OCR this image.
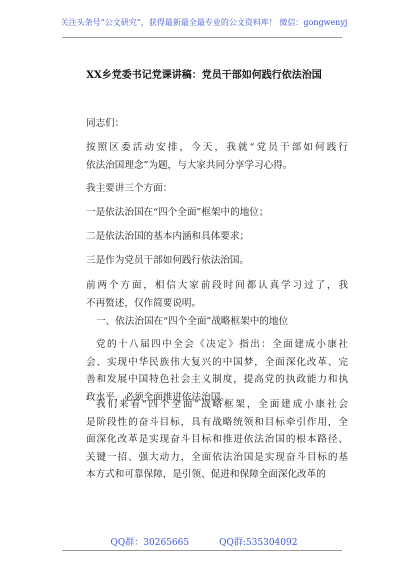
关注头条号“公文研究”，获得最新最全最专业的公文资料库！ 微信：gongwenyj
XX乡党委书记党课讲稿：党员干部如何践行依法治国
同志们：
按照区委活动安排，今天，我就“党员干部如何践行
依法治国理念”为题，与大家共同分享学习心得。
我主要讲三个方面：
一是依法治国在“四个全面”框架中的地位；
二是依法治国的基本内涵和具体要求；
三是作为党员干部如何践行依法治国。
前两个方面，相信大家前段时间都认真学习过了，我
不再赘述，仅作简要说明。
一、依法治国在“四个全面”战略框架中的地位
党的十八届四中全会《决定》指出：全面建成小康社
会、实现中华民族伟大复兴的中国梦，全面深化改革、完
善和发展中国特色社会主义制度，提高党的执政能力和执
政水平，必须全面推进依法治国。
我们来看“四个全面”战略框架，全面建成小康社会
是阶段性的奋斗目标，具有战略统领和目标牵引作用，全
面深化改革是实现奋斗目标和推进依法治国的根本路径、
关键一招、强大动力，全面依法治国是实现奋斗目标的基
本方式和可靠保障，是引领、促进和保障全面深化改革的
QQ群：30265665	QQ群:535304092
